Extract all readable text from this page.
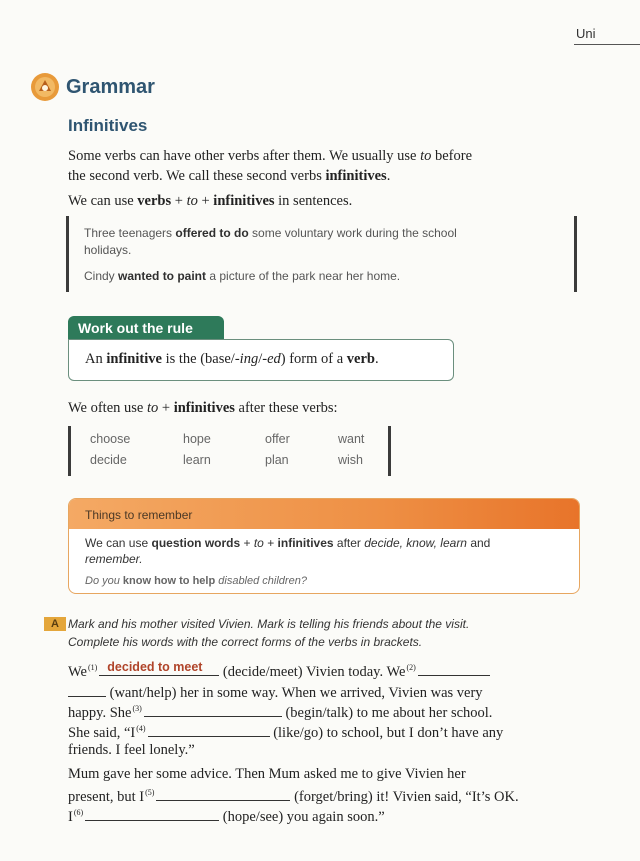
Uni
Grammar
Infinitives
Some verbs can have other verbs after them. We usually use to before
the second verb. We call these second verbs infinitives.
We can use verbs + to + infinitives in sentences.
Three teenagers offered to do some voluntary work during the school
holidays.
Cindy wanted to paint a picture of the park near her home.
Work out the rule
An infinitive is the (base/-ing/-ed) form of a verb.
We often use to + infinitives after these verbs:
choose	hope	offer	want
decide	learn	plan	wish
Things to remember
We can use question words + to + infinitives after decide, know, learn and
remember.
Do you know how to help disabled children?
A Mark and his mother visited Vivien. Mark is telling his friends about the visit.
Complete his words with the correct forms of the verbs in brackets.
We$^{(1)}$ decided to meet (decide/meet) Vivien today. We$^{(2)}$
(want/help) her in some way. When we arrived, Vivien was very
happy. She$^{(3)}$	(begin/talk) to me about her school.
She said, “$I^{(4)}$	(like/go) to school, but I don’t have any
friends. I feel lonely.”
Mum gave her some advice. Then Mum asked me to give Vivien her
present, but $I^{(5)}$	(forget/bring) it! Vivien said, “It’s OK.
$I^{(6)}$	(hope/see) you again soon.”
